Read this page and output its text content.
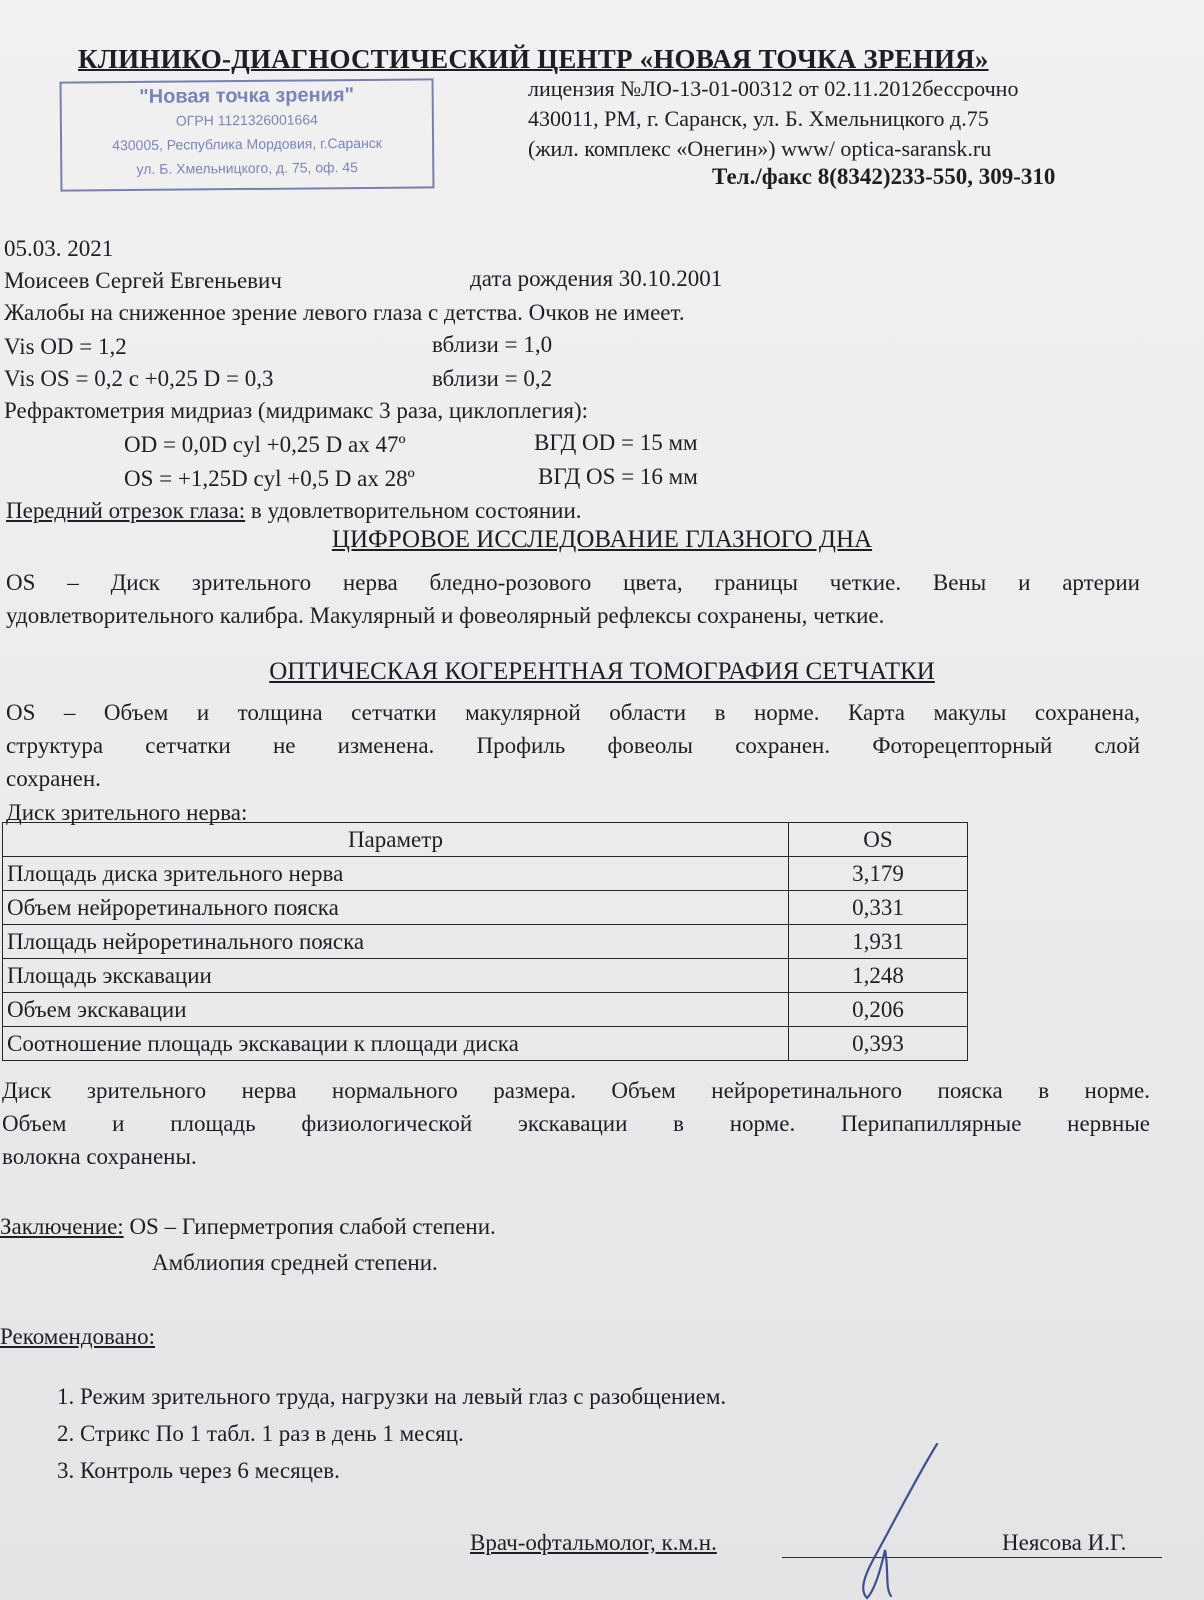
"Новая точка зрения"
ОГРН 1121326001664
430005, Республика Мордовия, г.Саранск
ул. Б. Хмельницкого, д. 75, оф. 45
КЛИНИКО-ДИАГНОСТИЧЕСКИЙ ЦЕНТР «НОВАЯ ТОЧКА ЗРЕНИЯ»
лицензия №ЛО-13-01-00312 от 02.11.2012бессрочно
430011, РМ, г. Саранск, ул. Б. Хмельницкого д.75
(жил. комплекс «Онегин») www/ optica-saransk.ru
Тел./факс 8(8342)233-550, 309-310
05.03. 2021
Моисеев Сергей Евгеньевич	дата рождения 30.10.2001
Жалобы на сниженное зрение левого глаза с детства. Очков не имеет.
Vis OD = 1,2	вблизи = 1,0
Vis OS = 0,2 с +0,25 D = 0,3	вблизи = 0,2
Рефрактометрия мидриаз (мидримакс 3 раза, циклоплегия):
OD = 0,0D cyl +0,25 D ax 47º	ВГД OD = 15 мм
OS = +1,25D cyl +0,5 D ax 28º	ВГД OS = 16 мм
Передний отрезок глаза: в удовлетворительном состоянии.
ЦИФРОВОЕ ИССЛЕДОВАНИЕ ГЛАЗНОГО ДНА
OS – Диск зрительного нерва бледно-розового цвета, границы четкие. Вены и артерии
удовлетворительного калибра. Макулярный и фовеолярный рефлексы сохранены, четкие.
ОПТИЧЕСКАЯ КОГЕРЕНТНАЯ ТОМОГРАФИЯ СЕТЧАТКИ
OS – Объем и толщина сетчатки макулярной области в норме. Карта макулы сохранена,
структура сетчатки не изменена. Профиль фовеолы сохранен. Фоторецепторный слой
сохранен.
Диск зрительного нерва:
Параметр	OS
Площадь диска зрительного нерва	3,179
Объем нейроретинального пояска	0,331
Площадь нейроретинального пояска	1,931
Площадь экскавации	1,248
Объем экскавации	0,206
Соотношение площадь экскавации к площади диска	0,393
Диск зрительного нерва нормального размера. Объем нейроретинального пояска в норме.
Объем и площадь физиологической экскавации в норме. Перипапиллярные нервные
волокна сохранены.
Заключение: OS – Гиперметропия слабой степени.
Амблиопия средней степени.
Рекомендовано:
1. Режим зрительного труда, нагрузки на левый глаз с разобщением.
2. Стрикс По 1 табл. 1 раз в день 1 месяц.
3. Контроль через 6 месяцев.
Врач-офтальмолог, к.м.н.	Неясова И.Г.
